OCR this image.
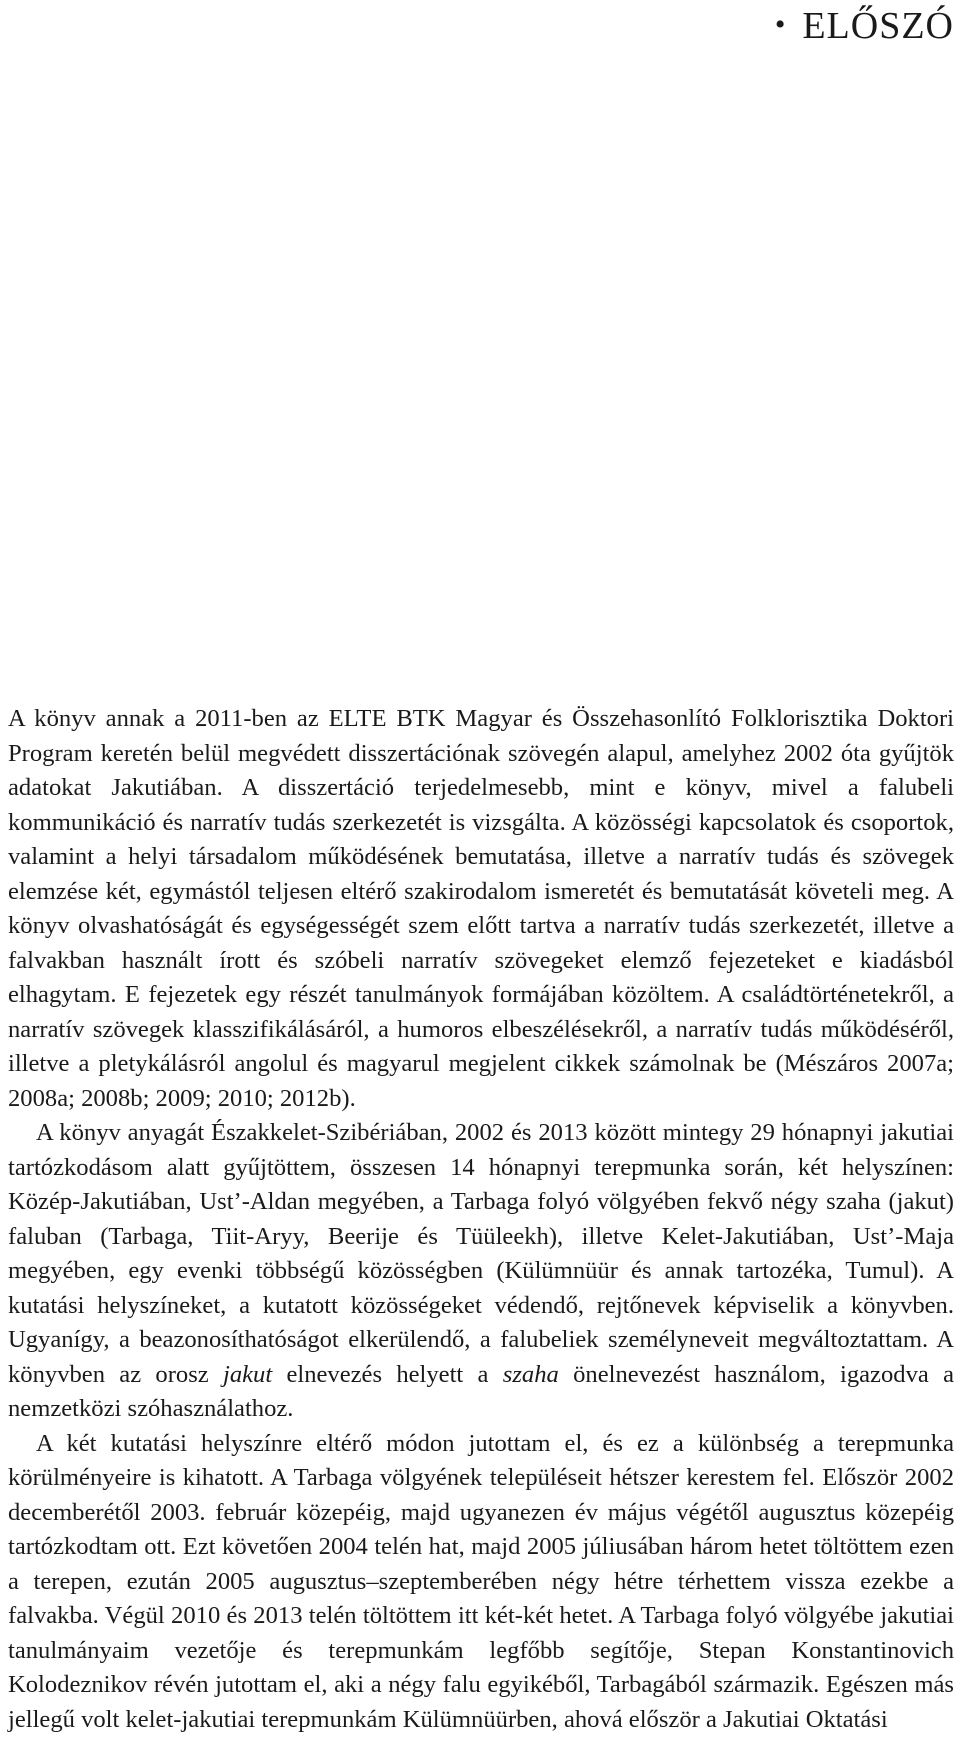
• ELŐSZÓ

A könyv annak a 2011-ben az ELTE BTK Magyar és Összehasonlító Folklorisztika Doktori Program keretén belül megvédett disszertációnak szövegén alapul, amelyhez 2002 óta gyűjtök adatokat Jakutiában. A disszertáció terjedelmesebb, mint e könyv, mivel a falubeli kommunikáció és narratív tudás szerkezetét is vizsgálta. A közösségi kapcsolatok és csoportok, valamint a helyi társadalom működésének bemutatása, illetve a narratív tudás és szövegek elemzése két, egymástól teljesen eltérő szakirodalom ismeretét és bemutatását követeli meg. A könyv olvashatóságát és egységességét szem előtt tartva a narratív tudás szerkezetét, illetve a falvakban használt írott és szóbeli narratív szövegeket elemző fejezeteket e kiadásból elhagytam. E fejezetek egy részét tanulmányok formájában közöltem. A családtörténetekről, a narratív szövegek klasszifikálásáról, a humoros elbeszélésekről, a narratív tudás működéséről, illetve a pletykálásról angolul és magyarul megjelent cikkek számolnak be (Mészáros 2007a; 2008a; 2008b; 2009; 2010; 2012b).

A könyv anyagát Északkelet-Szibériában, 2002 és 2013 között mintegy 29 hónapnyi jakutiai tartózkodásom alatt gyűjtöttem, összesen 14 hónapnyi terepmunka során, két helyszínen: Közép-Jakutiában, Ust’-Aldan megyében, a Tarbaga folyó völgyében fekvő négy szaha (jakut) faluban (Tarbaga, Tiit-Aryy, Beerije és Tüüleekh), illetve Kelet-Jakutiában, Ust’-Maja megyében, egy evenki többségű közösségben (Külümnüür és annak tartozéka, Tumul). A kutatási helyszíneket, a kutatott közösségeket védendő, rejtőnevek képviselik a könyvben. Ugyanígy, a beazonosíthatóságot elkerülendő, a falubeliek személyneveit megváltoztattam. A könyvben az orosz jakut elnevezés helyett a szaha önelnevezést használom, igazodva a nemzetközi szóhasználathoz.

A két kutatási helyszínre eltérő módon jutottam el, és ez a különbség a terepmunka körülményeire is kihatott. A Tarbaga völgyének településeit hétszer kerestem fel. Először 2002 decemberétől 2003. február közepéig, majd ugyanezen év május végétől augusztus közepéig tartózkodtam ott. Ezt követően 2004 telén hat, majd 2005 júliusában három hetet töltöttem ezen a terepen, ezután 2005 augusztus–szeptemberében négy hétre térhettem vissza ezekbe a falvakba. Végül 2010 és 2013 telén töltöttem itt két-két hetet. A Tarbaga folyó völgyébe jakutiai tanulmányaim vezetője és terepmunkám legfőbb segítője, Stepan Konstantinovich Kolodeznikov révén jutottam el, aki a négy falu egyikéből, Tarbagából származik. Egészen más jellegű volt kelet-jakutiai terepmunkám Külümnüürben, ahová először a Jakutiai Oktatási
